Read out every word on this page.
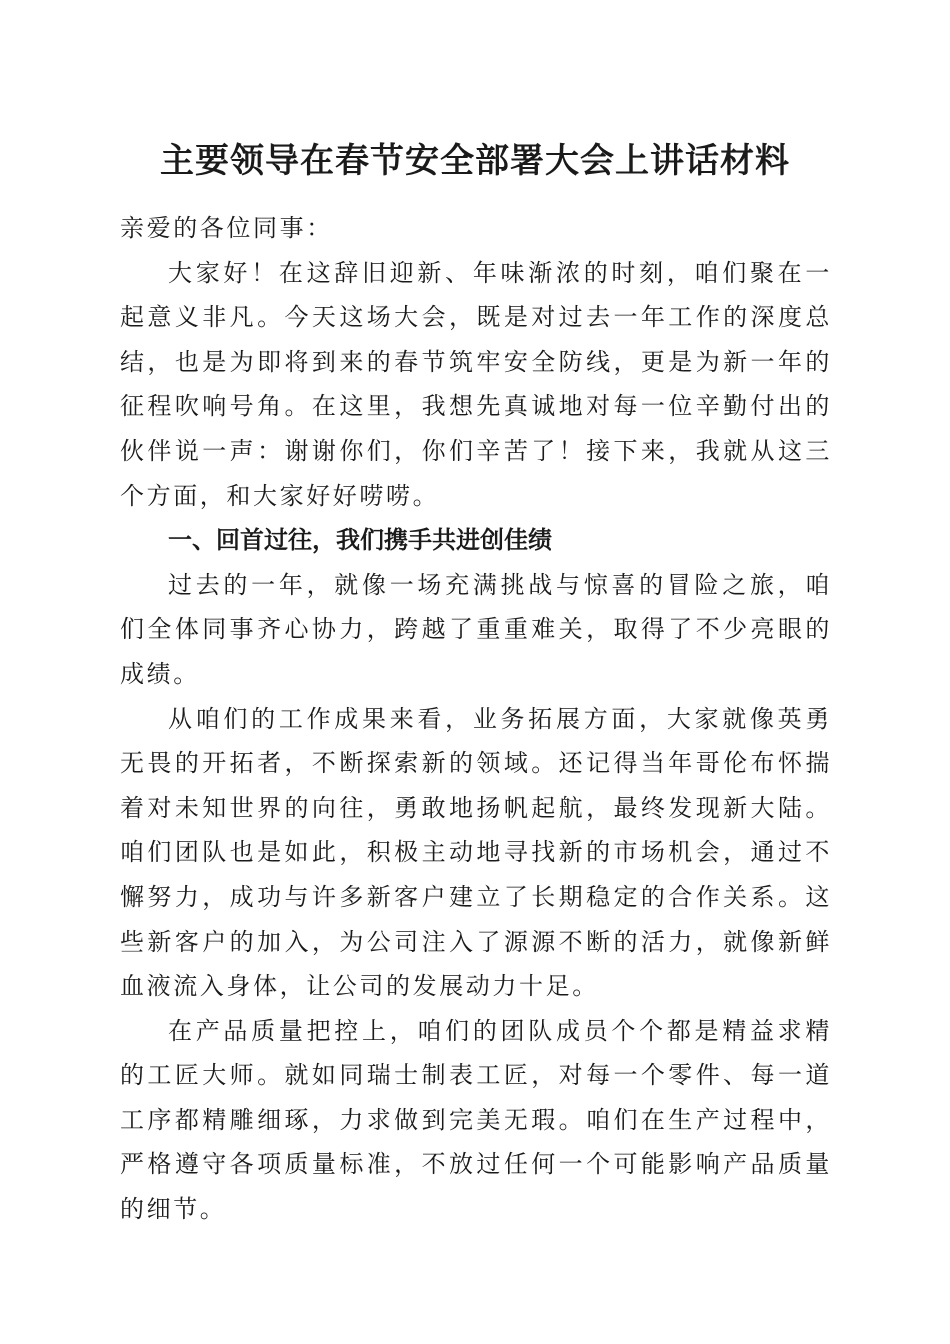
主要领导在春节安全部署大会上讲话材料

亲爱的各位同事：

大家好！在这辞旧迎新、年味渐浓的时刻，咱们聚在一起意义非凡。今天这场大会，既是对过去一年工作的深度总结，也是为即将到来的春节筑牢安全防线，更是为新一年的征程吹响号角。在这里，我想先真诚地对每一位辛勤付出的伙伴说一声：谢谢你们，你们辛苦了！接下来，我就从这三个方面，和大家好好唠唠。

一、回首过往，我们携手共进创佳绩

过去的一年，就像一场充满挑战与惊喜的冒险之旅，咱们全体同事齐心协力，跨越了重重难关，取得了不少亮眼的成绩。

从咱们的工作成果来看，业务拓展方面，大家就像英勇无畏的开拓者，不断探索新的领域。还记得当年哥伦布怀揣着对未知世界的向往，勇敢地扬帆起航，最终发现新大陆。咱们团队也是如此，积极主动地寻找新的市场机会，通过不懈努力，成功与许多新客户建立了长期稳定的合作关系。这些新客户的加入，为公司注入了源源不断的活力，就像新鲜血液流入身体，让公司的发展动力十足。

在产品质量把控上，咱们的团队成员个个都是精益求精的工匠大师。就如同瑞士制表工匠，对每一个零件、每一道工序都精雕细琢，力求做到完美无瑕。咱们在生产过程中，严格遵守各项质量标准，不放过任何一个可能影响产品质量的细节。
